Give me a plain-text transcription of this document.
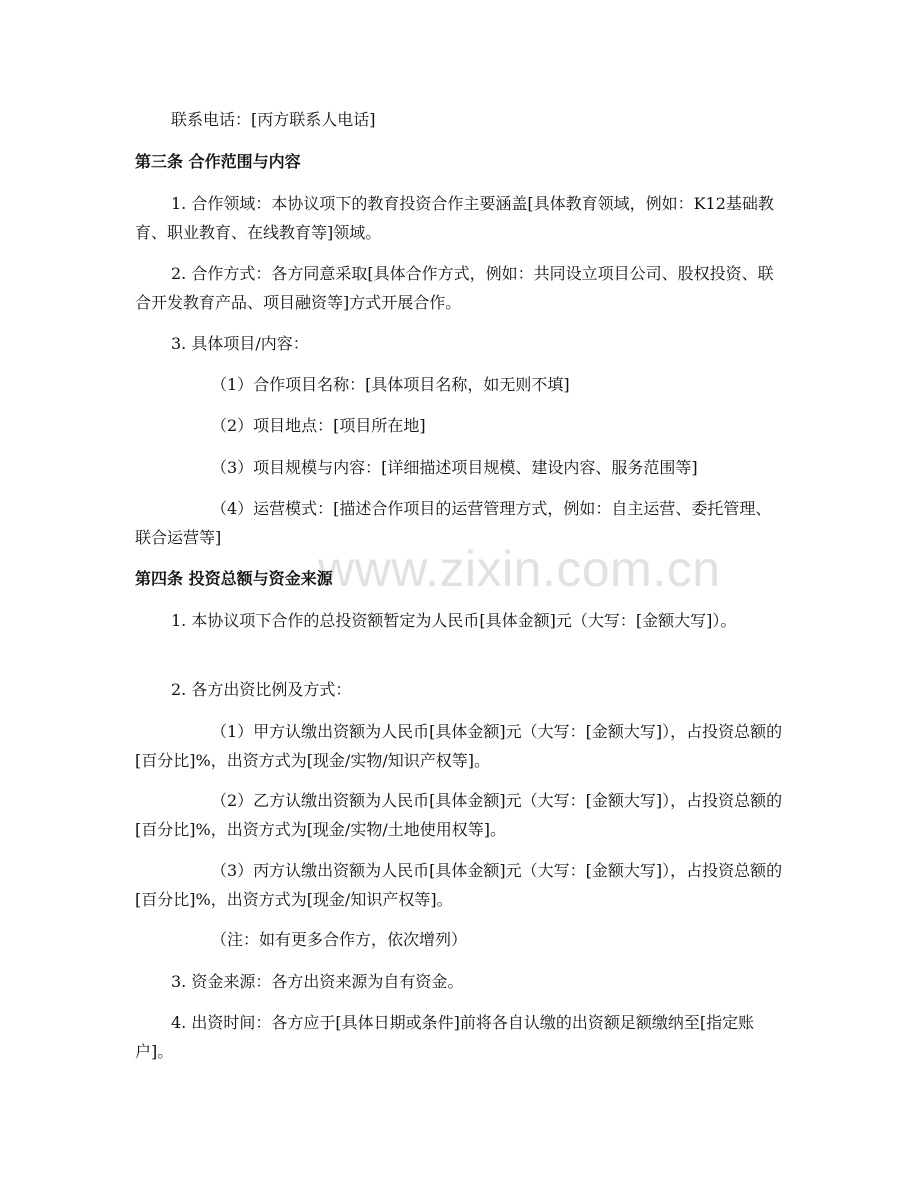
www.zixin.com.cn

联系电话：[丙方联系人电话]

第三条 合作范围与内容

1. 合作领域：本协议项下的教育投资合作主要涵盖[具体教育领域，例如：K12基础教育、职业教育、在线教育等]领域。

2. 合作方式：各方同意采取[具体合作方式，例如：共同设立项目公司、股权投资、联合开发教育产品、项目融资等]方式开展合作。

3. 具体项目/内容：

（1）合作项目名称：[具体项目名称，如无则不填]

（2）项目地点：[项目所在地]

（3）项目规模与内容：[详细描述项目规模、建设内容、服务范围等]

（4）运营模式：[描述合作项目的运营管理方式，例如：自主运营、委托管理、联合运营等]

第四条 投资总额与资金来源

1. 本协议项下合作的总投资额暂定为人民币[具体金额]元（大写：[金额大写]）。

2. 各方出资比例及方式：

（1）甲方认缴出资额为人民币[具体金额]元（大写：[金额大写]），占投资总额的[百分比]%，出资方式为[现金/实物/知识产权等]。

（2）乙方认缴出资额为人民币[具体金额]元（大写：[金额大写]），占投资总额的[百分比]%，出资方式为[现金/实物/土地使用权等]。

（3）丙方认缴出资额为人民币[具体金额]元（大写：[金额大写]），占投资总额的[百分比]%，出资方式为[现金/知识产权等]。

（注：如有更多合作方，依次增列）

3. 资金来源：各方出资来源为自有资金。

4. 出资时间：各方应于[具体日期或条件]前将各自认缴的出资额足额缴纳至[指定账户]。
